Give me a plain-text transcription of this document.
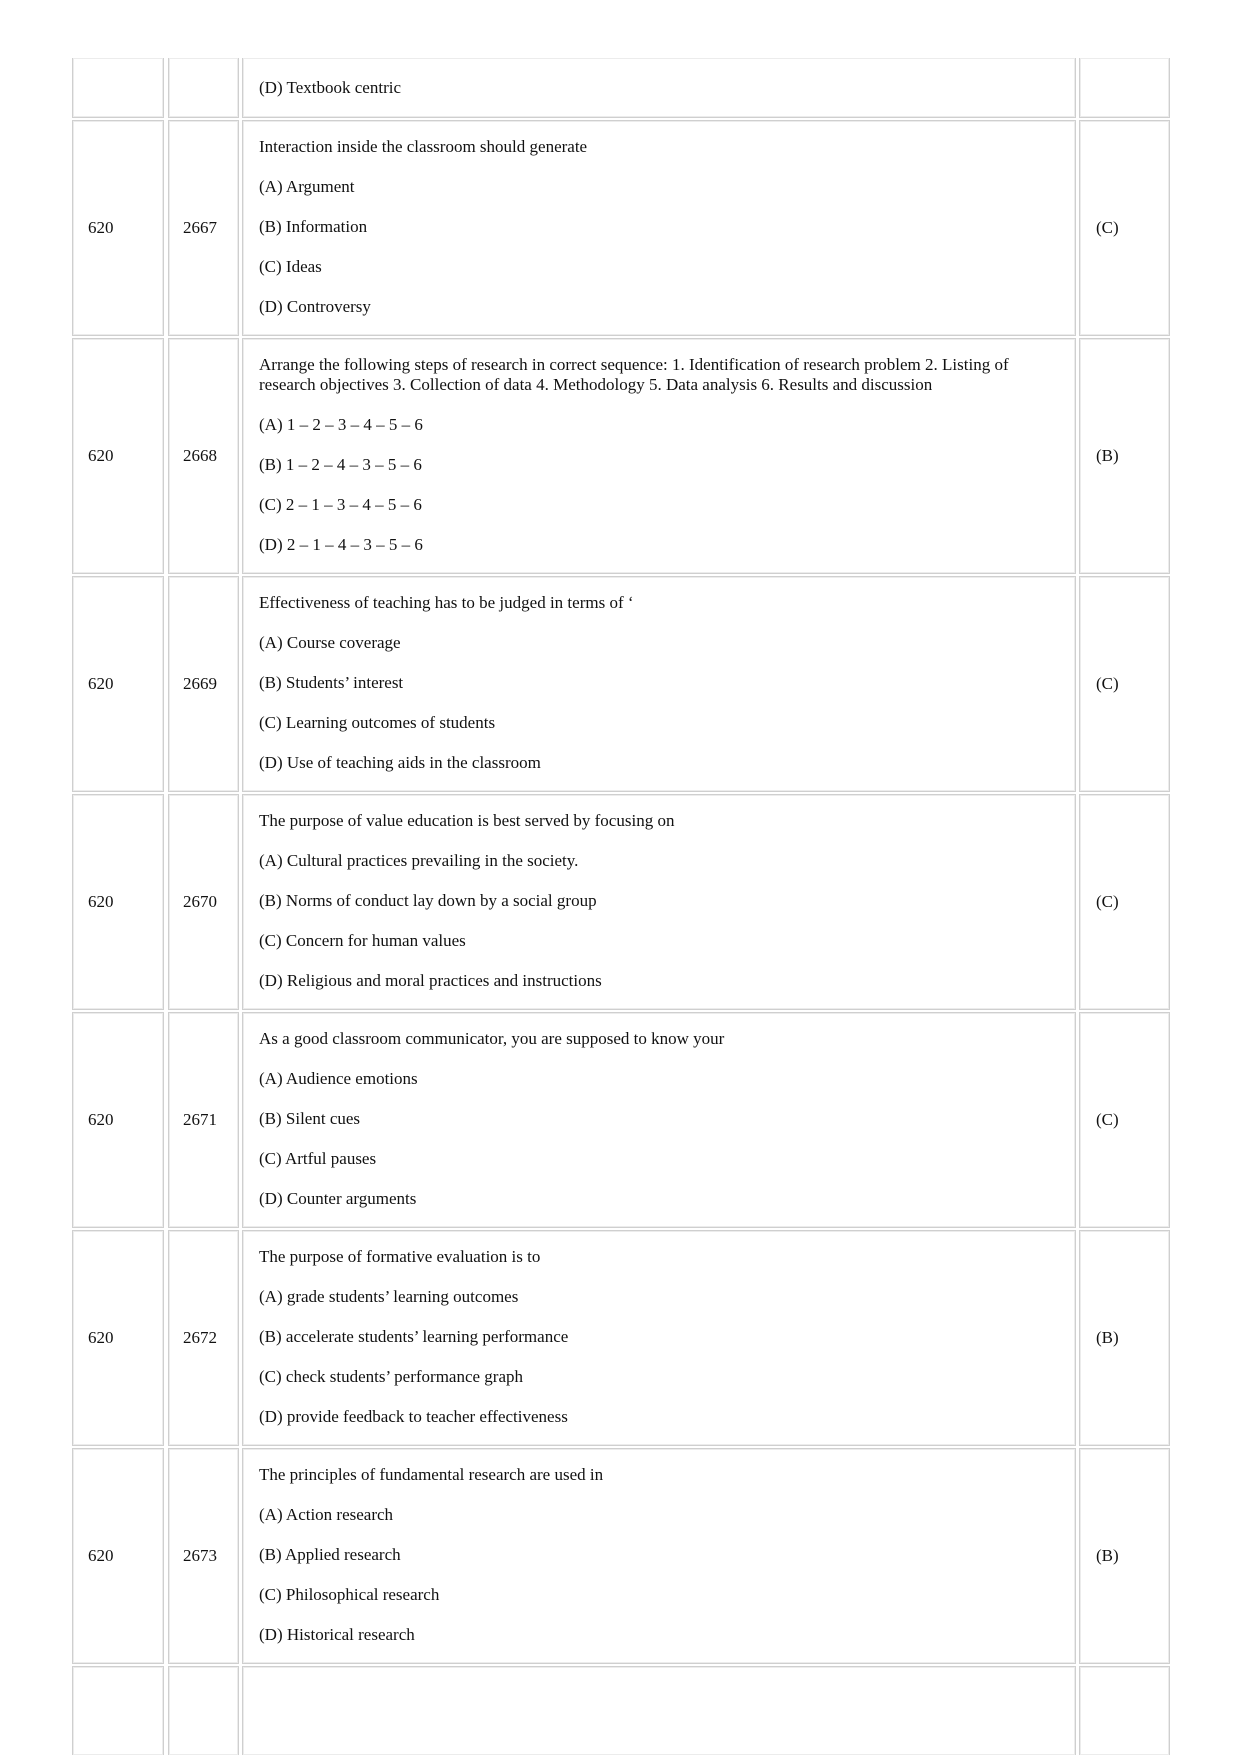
(D) Textbook centric

620	2667

Interaction inside the classroom should generate

(A) Argument

(B) Information

(C) Ideas

(D) Controversy

(C)
620	2668

Arrange the following steps of research in correct sequence: 1. Identification of research problem 2. Listing of research objectives 3. Collection of data 4. Methodology 5. Data analysis 6. Results and discussion

(A) 1 – 2 – 3 – 4 – 5 – 6

(B) 1 – 2 – 4 – 3 – 5 – 6

(C) 2 – 1 – 3 – 4 – 5 – 6

(D) 2 – 1 – 4 – 3 – 5 – 6

(B)
620	2669

Effectiveness of teaching has to be judged in terms of ‘

(A) Course coverage

(B) Students’ interest

(C) Learning outcomes of students

(D) Use of teaching aids in the classroom

(C)
620	2670

The purpose of value education is best served by focusing on

(A) Cultural practices prevailing in the society.

(B) Norms of conduct lay down by a social group

(C) Concern for human values

(D) Religious and moral practices and instructions

(C)
620	2671

As a good classroom communicator, you are supposed to know your

(A) Audience emotions

(B) Silent cues

(C) Artful pauses

(D) Counter arguments

(C)
620	2672

The purpose of formative evaluation is to

(A) grade students’ learning outcomes

(B) accelerate students’ learning performance

(C) check students’ performance graph

(D) provide feedback to teacher effectiveness

(B)
620	2673

The principles of fundamental research are used in

(A) Action research

(B) Applied research

(C) Philosophical research

(D) Historical research

(B)
